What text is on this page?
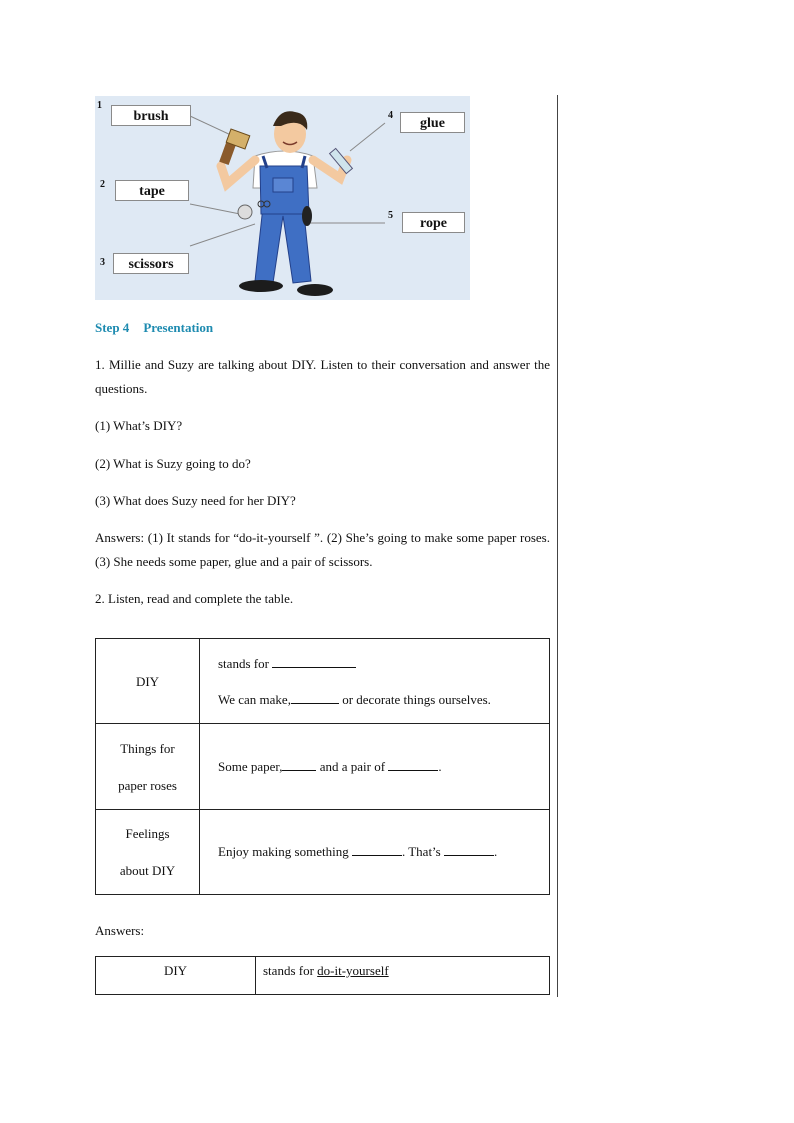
1
brush
2	tape
3	scissors
4
glue
5
rope
Step 4 Presentation
1. Millie and Suzy are talking about DIY. Listen to their conversation and answer the questions.
(1) What’s DIY?
(2) What is Suzy going to do?
(3) What does Suzy need for her DIY?
Answers: (1) It stands for “do-it-yourself ”. (2) She’s going to make some paper roses. (3) She needs some paper, glue and a pair of scissors.
2. Listen, read and complete the table.
DIY	stands for
We can make, or decorate things ourselves.

Things for
paper roses	Some paper, and a pair of .

Feelings
about DIY	Enjoy making something . That’s .
Answers:
DIY	stands for do-it-yourself
